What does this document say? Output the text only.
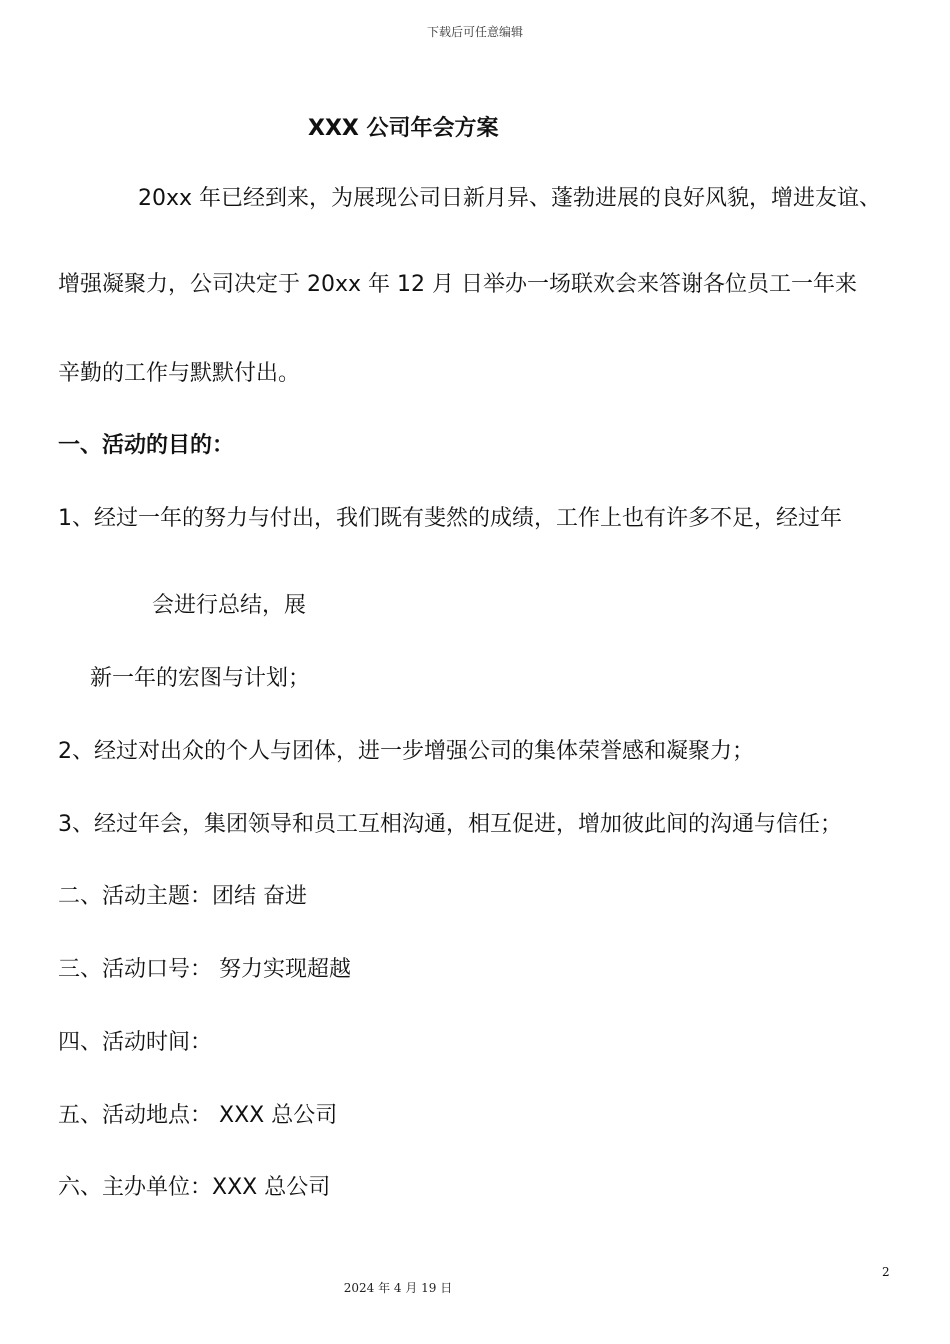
下载后可任意编辑
XXX 公司年会方案
20xx 年已经到来，为展现公司日新月异、蓬勃进展的良好风貌，增进友谊、
增强凝聚力，公司决定于 20xx 年 12 月 日举办一场联欢会来答谢各位员工一年来
辛勤的工作与默默付出。
一、活动的目的：
1、经过一年的努力与付出，我们既有斐然的成绩，工作上也有许多不足，经过年
会进行总结，展
新一年的宏图与计划；
2、经过对出众的个人与团体，进一步增强公司的集体荣誉感和凝聚力；
3、经过年会，集团领导和员工互相沟通，相互促进，增加彼此间的沟通与信任；
二、活动主题：团结 奋进
三、活动口号： 努力实现超越
四、活动时间：
五、活动地点： XXX 总公司
六、主办单位：XXX 总公司
2
2024 年 4 月 19 日
